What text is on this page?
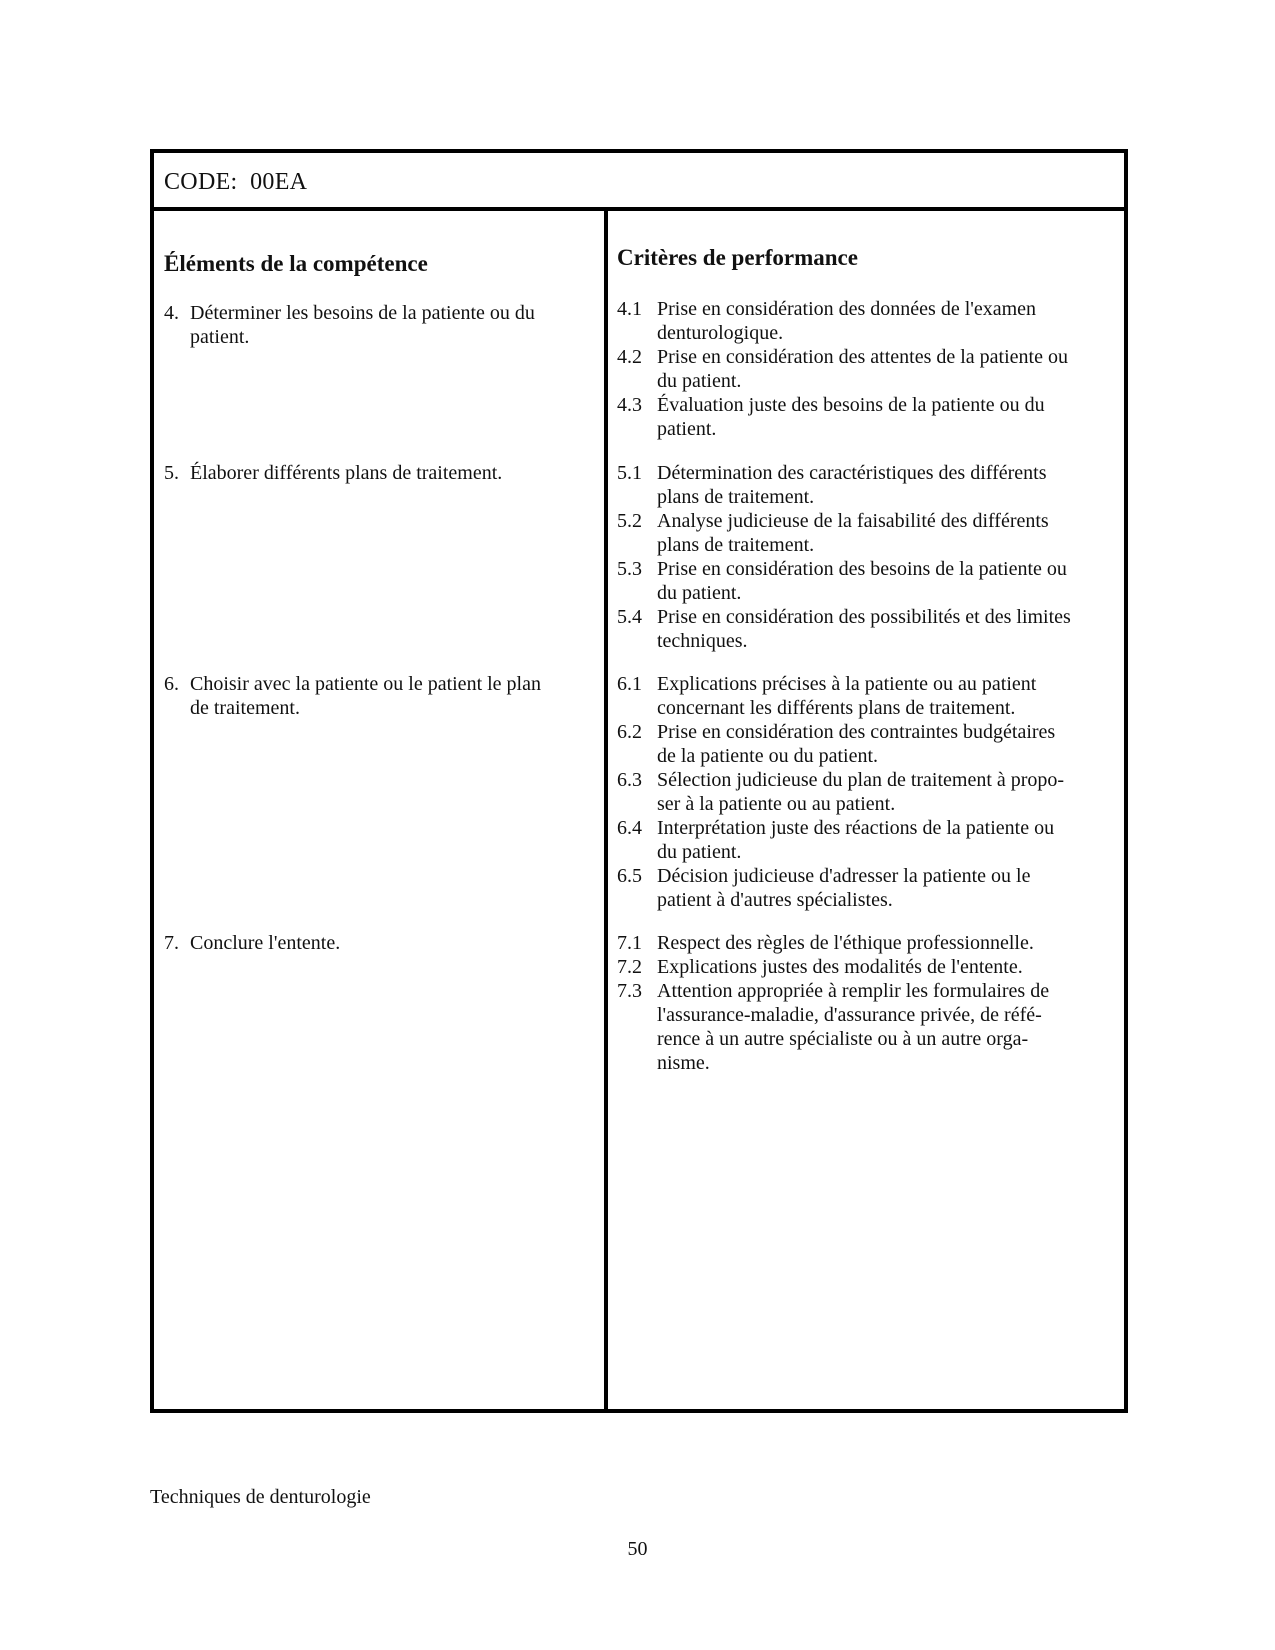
CODE:  00EA
Éléments de la compétence
4. Déterminer les besoins de la patiente ou du
patient.
5. Élaborer différents plans de traitement.
6. Choisir avec la patiente ou le patient le plan
de traitement.
7. Conclure l'entente.
Critères de performance
4.1 Prise en considération des données de l'examen
denturologique.
4.2 Prise en considération des attentes de la patiente ou
du patient.
4.3 Évaluation juste des besoins de la patiente ou du
patient.
5.1 Détermination des caractéristiques des différents
plans de traitement.
5.2 Analyse judicieuse de la faisabilité des différents
plans de traitement.
5.3 Prise en considération des besoins de la patiente ou
du patient.
5.4 Prise en considération des possibilités et des limites
techniques.
6.1 Explications précises à la patiente ou au patient
concernant les différents plans de traitement.
6.2 Prise en considération des contraintes budgétaires
de la patiente ou du patient.
6.3 Sélection judicieuse du plan de traitement à propo-
ser à la patiente ou au patient.
6.4 Interprétation juste des réactions de la patiente ou
du patient.
6.5 Décision judicieuse d'adresser la patiente ou le
patient à d'autres spécialistes.
7.1 Respect des règles de l'éthique professionnelle.
7.2 Explications justes des modalités de l'entente.
7.3 Attention appropriée à remplir les formulaires de
l'assurance-maladie, d'assurance privée, de réfé-
rence à un autre spécialiste ou à un autre orga-
nisme.
Techniques de denturologie
50
